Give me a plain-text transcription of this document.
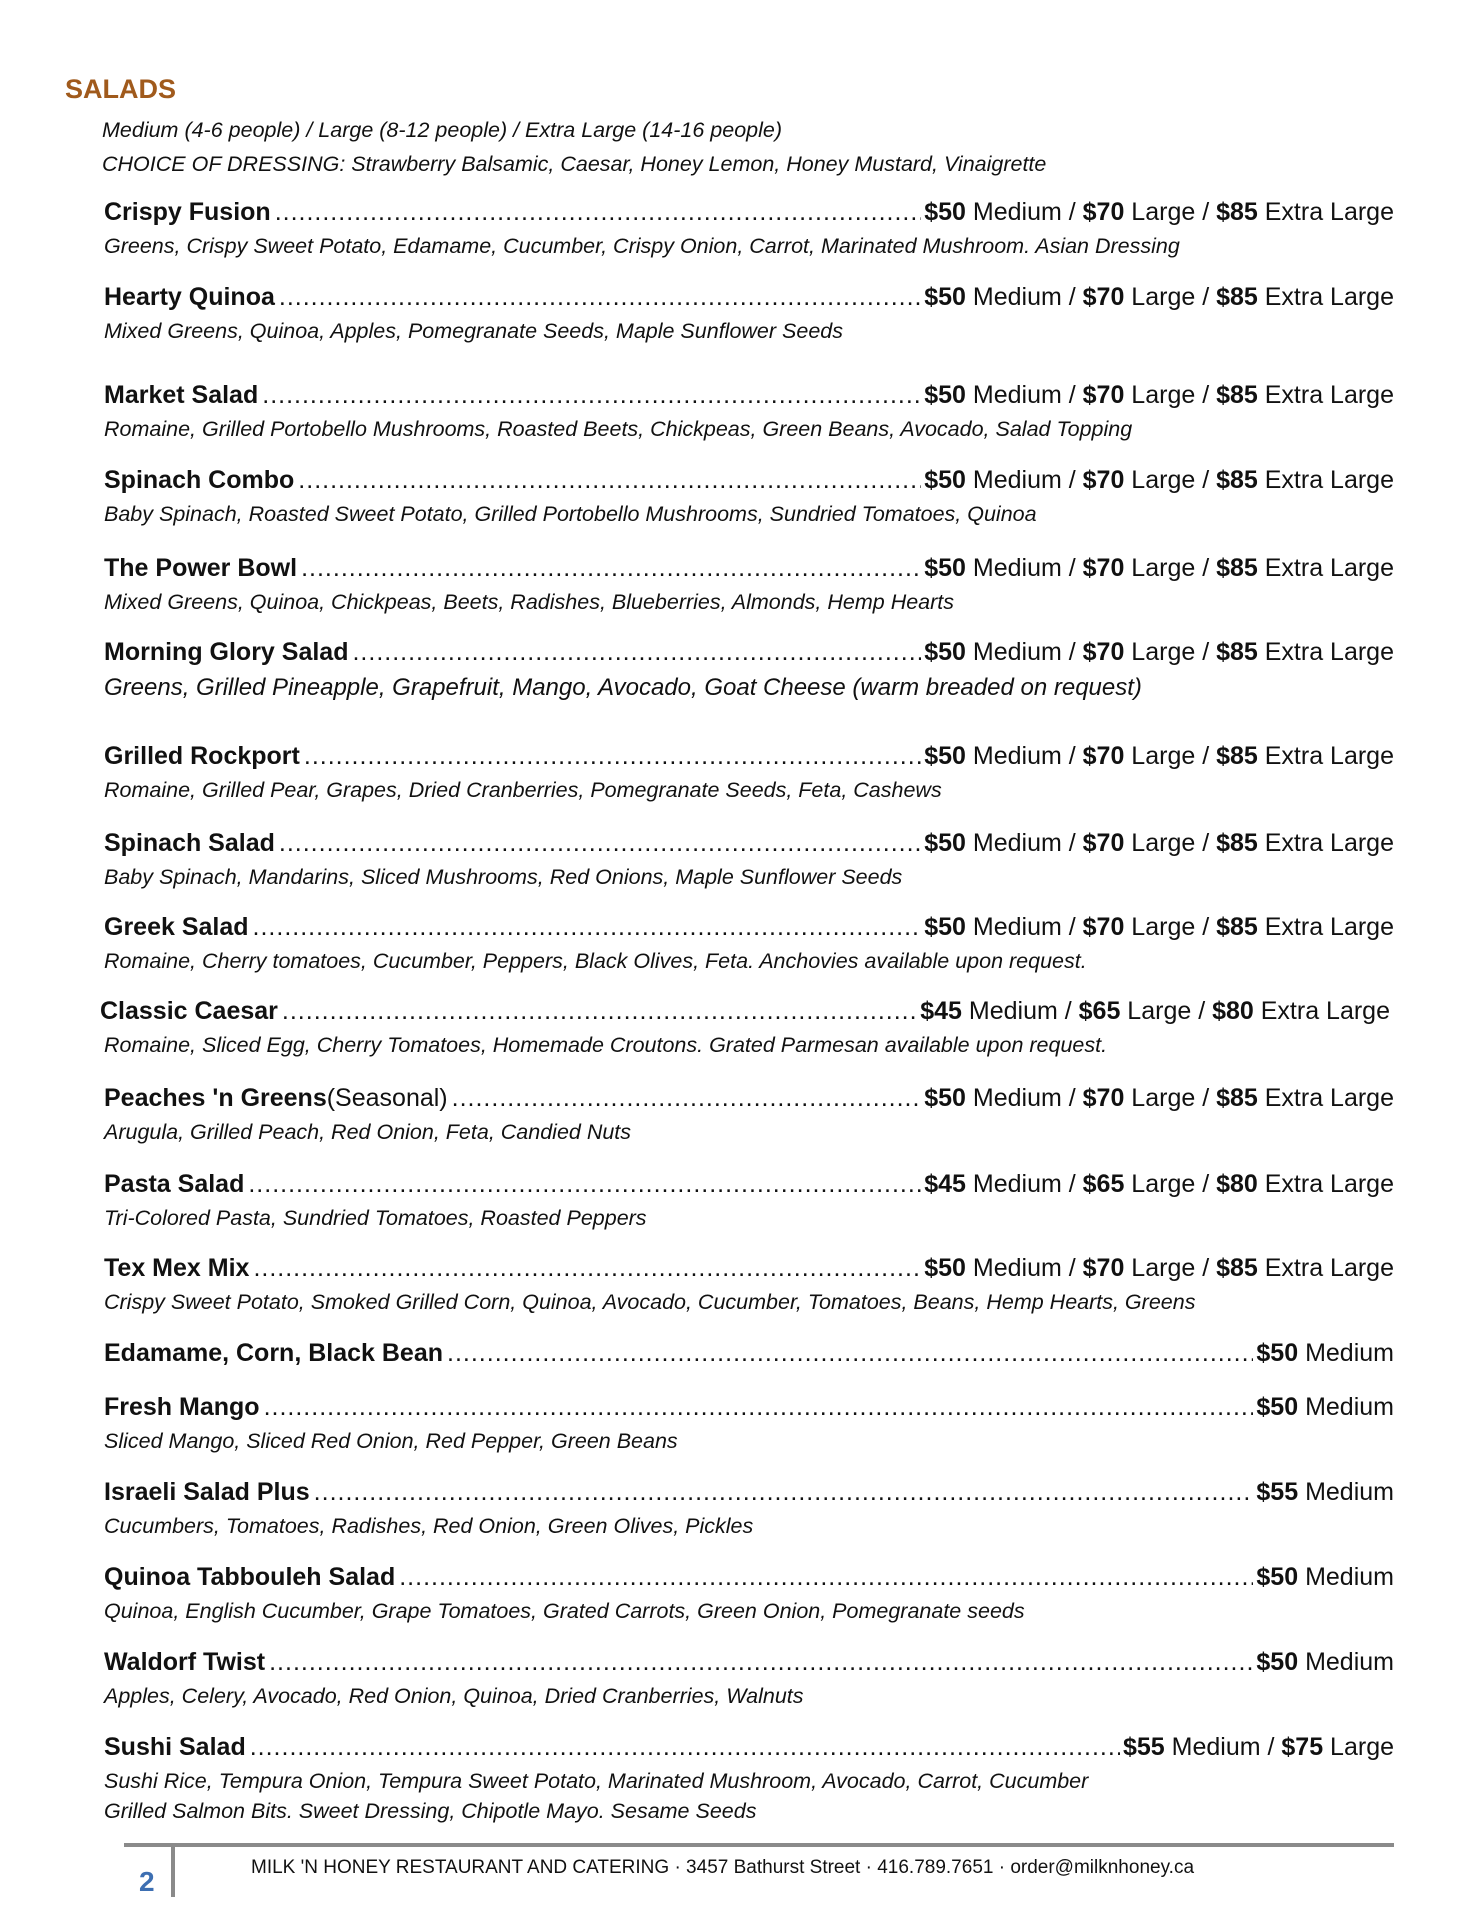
SALADS
Medium (4-6 people) / Large (8-12 people) / Extra Large (14-16 people)
CHOICE OF DRESSING: Strawberry Balsamic, Caesar, Honey Lemon, Honey Mustard, Vinaigrette
Crispy Fusion .....	$50 Medium / $70 Large / $85 Extra Large
Greens, Crispy Sweet Potato, Edamame, Cucumber, Crispy Onion, Carrot, Marinated Mushroom. Asian Dressing
Hearty Quinoa .....	$50 Medium / $70 Large / $85 Extra Large
Mixed Greens, Quinoa, Apples, Pomegranate Seeds, Maple Sunflower Seeds
Market Salad .....	$50 Medium / $70 Large / $85 Extra Large
Romaine, Grilled Portobello Mushrooms, Roasted Beets, Chickpeas, Green Beans, Avocado, Salad Topping
Spinach Combo .....	$50 Medium / $70 Large / $85 Extra Large
Baby Spinach, Roasted Sweet Potato, Grilled Portobello Mushrooms, Sundried Tomatoes, Quinoa
The Power Bowl .....	$50 Medium / $70 Large / $85 Extra Large
Mixed Greens, Quinoa, Chickpeas, Beets, Radishes, Blueberries, Almonds, Hemp Hearts
Morning Glory Salad .....	$50 Medium / $70 Large / $85 Extra Large
Greens, Grilled Pineapple, Grapefruit, Mango, Avocado, Goat Cheese (warm breaded on request)
Grilled Rockport .....	$50 Medium / $70 Large / $85 Extra Large
Romaine, Grilled Pear, Grapes, Dried Cranberries, Pomegranate Seeds, Feta, Cashews
Spinach Salad .....	$50 Medium / $70 Large / $85 Extra Large
Baby Spinach, Mandarins, Sliced Mushrooms, Red Onions, Maple Sunflower Seeds
Greek Salad .....	$50 Medium / $70 Large / $85 Extra Large
Romaine, Cherry tomatoes, Cucumber, Peppers, Black Olives, Feta. Anchovies available upon request.
Classic Caesar .....	$45 Medium / $65 Large / $80 Extra Large
Romaine, Sliced Egg, Cherry Tomatoes, Homemade Croutons. Grated Parmesan available upon request.
Peaches 'n Greens (Seasonal) .....	$50 Medium / $70 Large / $85 Extra Large
Arugula, Grilled Peach, Red Onion, Feta, Candied Nuts
Pasta Salad .....	$45 Medium / $65 Large / $80 Extra Large
Tri-Colored Pasta, Sundried Tomatoes, Roasted Peppers
Tex Mex Mix .....	$50 Medium / $70 Large / $85 Extra Large
Crispy Sweet Potato, Smoked Grilled Corn, Quinoa, Avocado, Cucumber, Tomatoes, Beans, Hemp Hearts, Greens
Edamame, Corn, Black Bean .....	$50 Medium
Fresh Mango .....	$50 Medium
Sliced Mango, Sliced Red Onion, Red Pepper, Green Beans
Israeli Salad Plus .....	$55 Medium
Cucumbers, Tomatoes, Radishes, Red Onion, Green Olives, Pickles
Quinoa Tabbouleh Salad .....	$50 Medium
Quinoa, English Cucumber, Grape Tomatoes, Grated Carrots, Green Onion, Pomegranate seeds
Waldorf Twist .....	$50 Medium
Apples, Celery, Avocado, Red Onion, Quinoa, Dried Cranberries, Walnuts
Sushi Salad .....	$55 Medium / $75 Large
Sushi Rice, Tempura Onion, Tempura Sweet Potato, Marinated Mushroom, Avocado, Carrot, Cucumber
Grilled Salmon Bits. Sweet Dressing, Chipotle Mayo. Sesame Seeds
2	MILK 'N HONEY RESTAURANT AND CATERING · 3457 Bathurst Street · 416.789.7651 · order@milknhoney.ca
